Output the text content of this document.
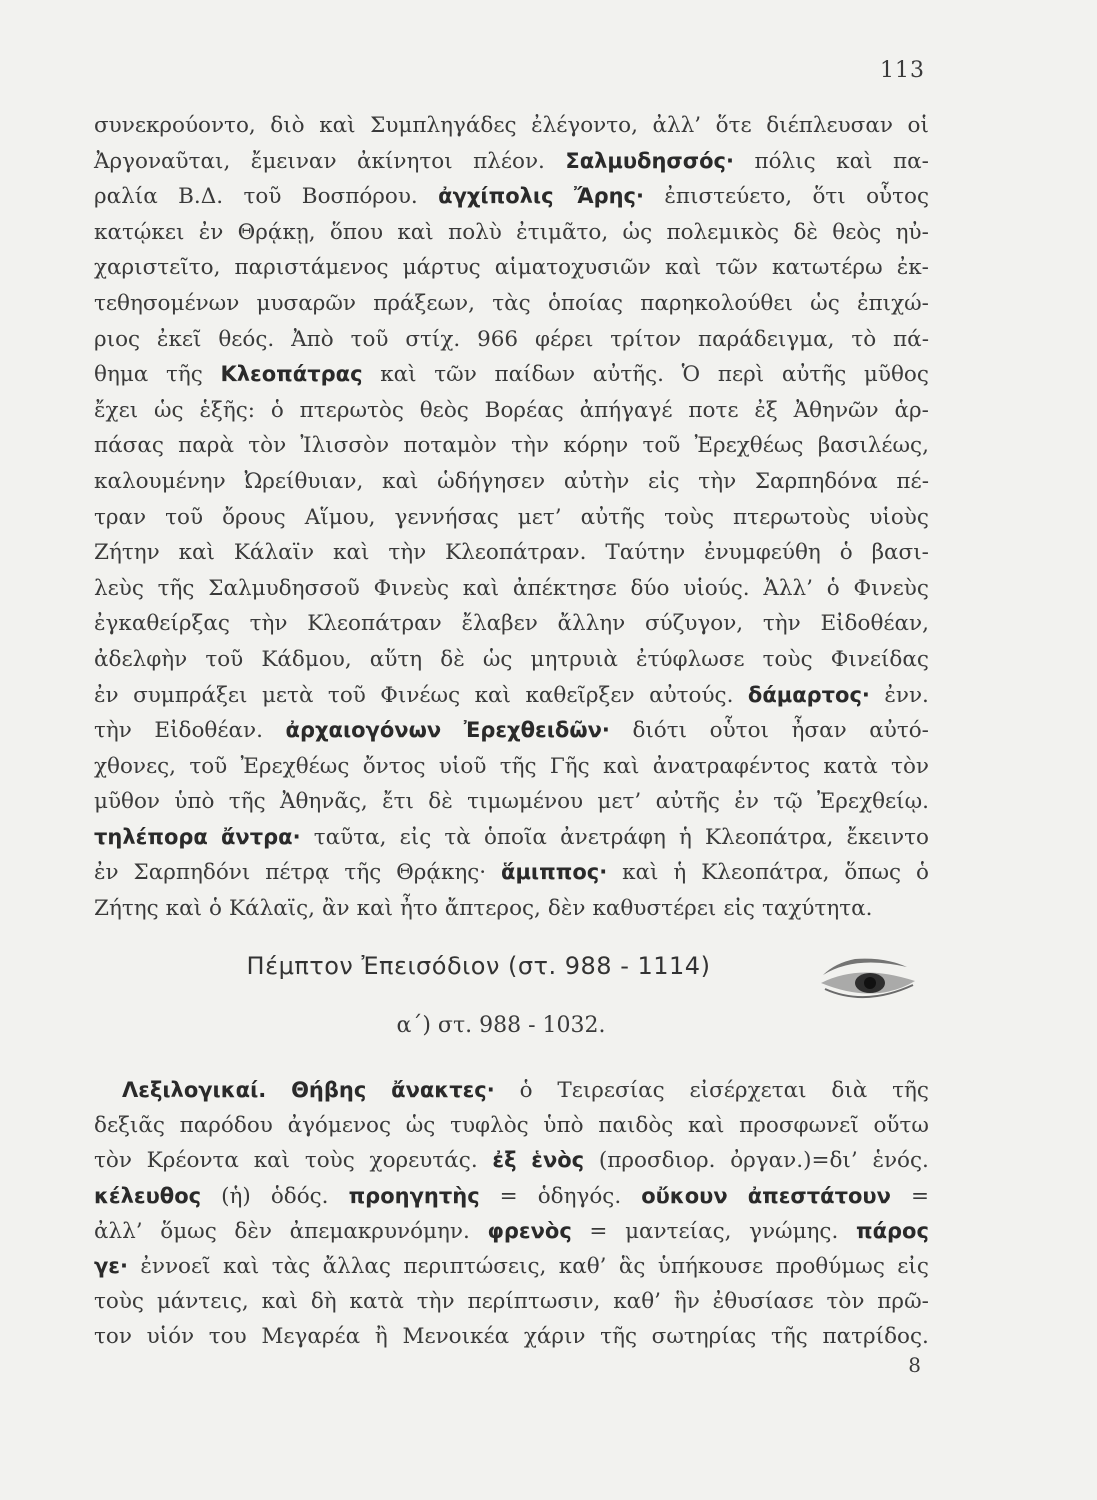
113
συνεκρούοντο, διὸ καὶ Συμπληγάδες ἐλέγοντο, ἀλλ’ ὅτε διέπλευσαν οἱ
Ἀργοναῦται, ἔμειναν ἀκίνητοι πλέον. Σαλμυδησσός· πόλις καὶ πα-
ραλία Β.Δ. τοῦ Βοσπόρου. ἀγχίπολις Ἄρης· ἐπιστεύετο, ὅτι οὗτος
κατῴκει ἐν Θρᾴκῃ, ὅπου καὶ πολὺ ἐτιμᾶτο, ὡς πολεμικὸς δὲ θεὸς ηὐ-
χαριστεῖτο, παριστάμενος μάρτυς αἱματοχυσιῶν καὶ τῶν κατωτέρω ἐκ-
τεθησομένων μυσαρῶν πράξεων, τὰς ὁποίας παρηκολούθει ὡς ἐπιχώ-
ριος ἐκεῖ θεός. Ἀπὸ τοῦ στίχ. 966 φέρει τρίτον παράδειγμα, τὸ πά-
θημα τῆς Κλεοπάτρας καὶ τῶν παίδων αὐτῆς. Ὁ περὶ αὐτῆς μῦθος
ἔχει ὡς ἑξῆς: ὁ πτερωτὸς θεὸς Βορέας ἀπήγαγέ ποτε ἐξ Ἀθηνῶν ἁρ-
πάσας παρὰ τὸν Ἰλισσὸν ποταμὸν τὴν κόρην τοῦ Ἐρεχθέως βασιλέως,
καλουμένην Ὠρείθυιαν, καὶ ὡδήγησεν αὐτὴν εἰς τὴν Σαρπηδόνα πέ-
τραν τοῦ ὄρους Αἵμου, γεννήσας μετ’ αὐτῆς τοὺς πτερωτοὺς υἱοὺς
Ζήτην καὶ Κάλαϊν καὶ τὴν Κλεοπάτραν. Ταύτην ἐνυμφεύθη ὁ βασι-
λεὺς τῆς Σαλμυδησσοῦ Φινεὺς καὶ ἀπέκτησε δύο υἱούς. Ἀλλ’ ὁ Φινεὺς
ἐγκαθείρξας τὴν Κλεοπάτραν ἔλαβεν ἄλλην σύζυγον, τὴν Εἰδοθέαν,
ἀδελφὴν τοῦ Κάδμου, αὕτη δὲ ὡς μητρυιὰ ἐτύφλωσε τοὺς Φινείδας
ἐν συμπράξει μετὰ τοῦ Φινέως καὶ καθεῖρξεν αὐτούς. δάμαρτος· ἐνν.
τὴν Εἰδοθέαν. ἀρχαιογόνων Ἐρεχθειδῶν· διότι οὗτοι ἦσαν αὐτό-
χθονες, τοῦ Ἐρεχθέως ὄντος υἱοῦ τῆς Γῆς καὶ ἀνατραφέντος κατὰ τὸν
μῦθον ὑπὸ τῆς Ἀθηνᾶς, ἔτι δὲ τιμωμένου μετ’ αὐτῆς ἐν τῷ Ἐρεχθείῳ.
τηλέπορα ἄντρα· ταῦτα, εἰς τὰ ὁποῖα ἀνετράφη ἡ Κλεοπάτρα, ἔκειντο
ἐν Σαρπηδόνι πέτρᾳ τῆς Θρᾴκης· ἅμιππος· καὶ ἡ Κλεοπάτρα, ὅπως ὁ
Ζήτης καὶ ὁ Κάλαϊς, ἂν καὶ ἦτο ἄπτερος, δὲν καθυστέρει εἰς ταχύτητα.
Πέμπτον Ἐπεισόδιον (στ. 988 - 1114)
α΄) στ. 988 - 1032.
Λεξιλογικαί. Θήβης ἄνακτες· ὁ Τειρεσίας εἰσέρχεται διὰ τῆς
δεξιᾶς παρόδου ἀγόμενος ὡς τυφλὸς ὑπὸ παιδὸς καὶ προσφωνεῖ οὕτω
τὸν Κρέοντα καὶ τοὺς χορευτάς. ἐξ ἑνὸς (προσδιορ. ὀργαν.)=δι’ ἑνός.
κέλευθος (ἡ) ὁδός. προηγητὴς = ὁδηγός. οὔκουν ἀπεστάτουν =
ἀλλ’ ὅμως δὲν ἀπεμακρυνόμην. φρενὸς = μαντείας, γνώμης. πάρος
γε· ἐννοεῖ καὶ τὰς ἄλλας περιπτώσεις, καθ’ ἃς ὑπήκουσε προθύμως εἰς
τοὺς μάντεις, καὶ δὴ κατὰ τὴν περίπτωσιν, καθ’ ἣν ἐθυσίασε τὸν πρῶ-
τον υἱόν του Μεγαρέα ἢ Μενοικέα χάριν τῆς σωτηρίας τῆς πατρίδος.
8
